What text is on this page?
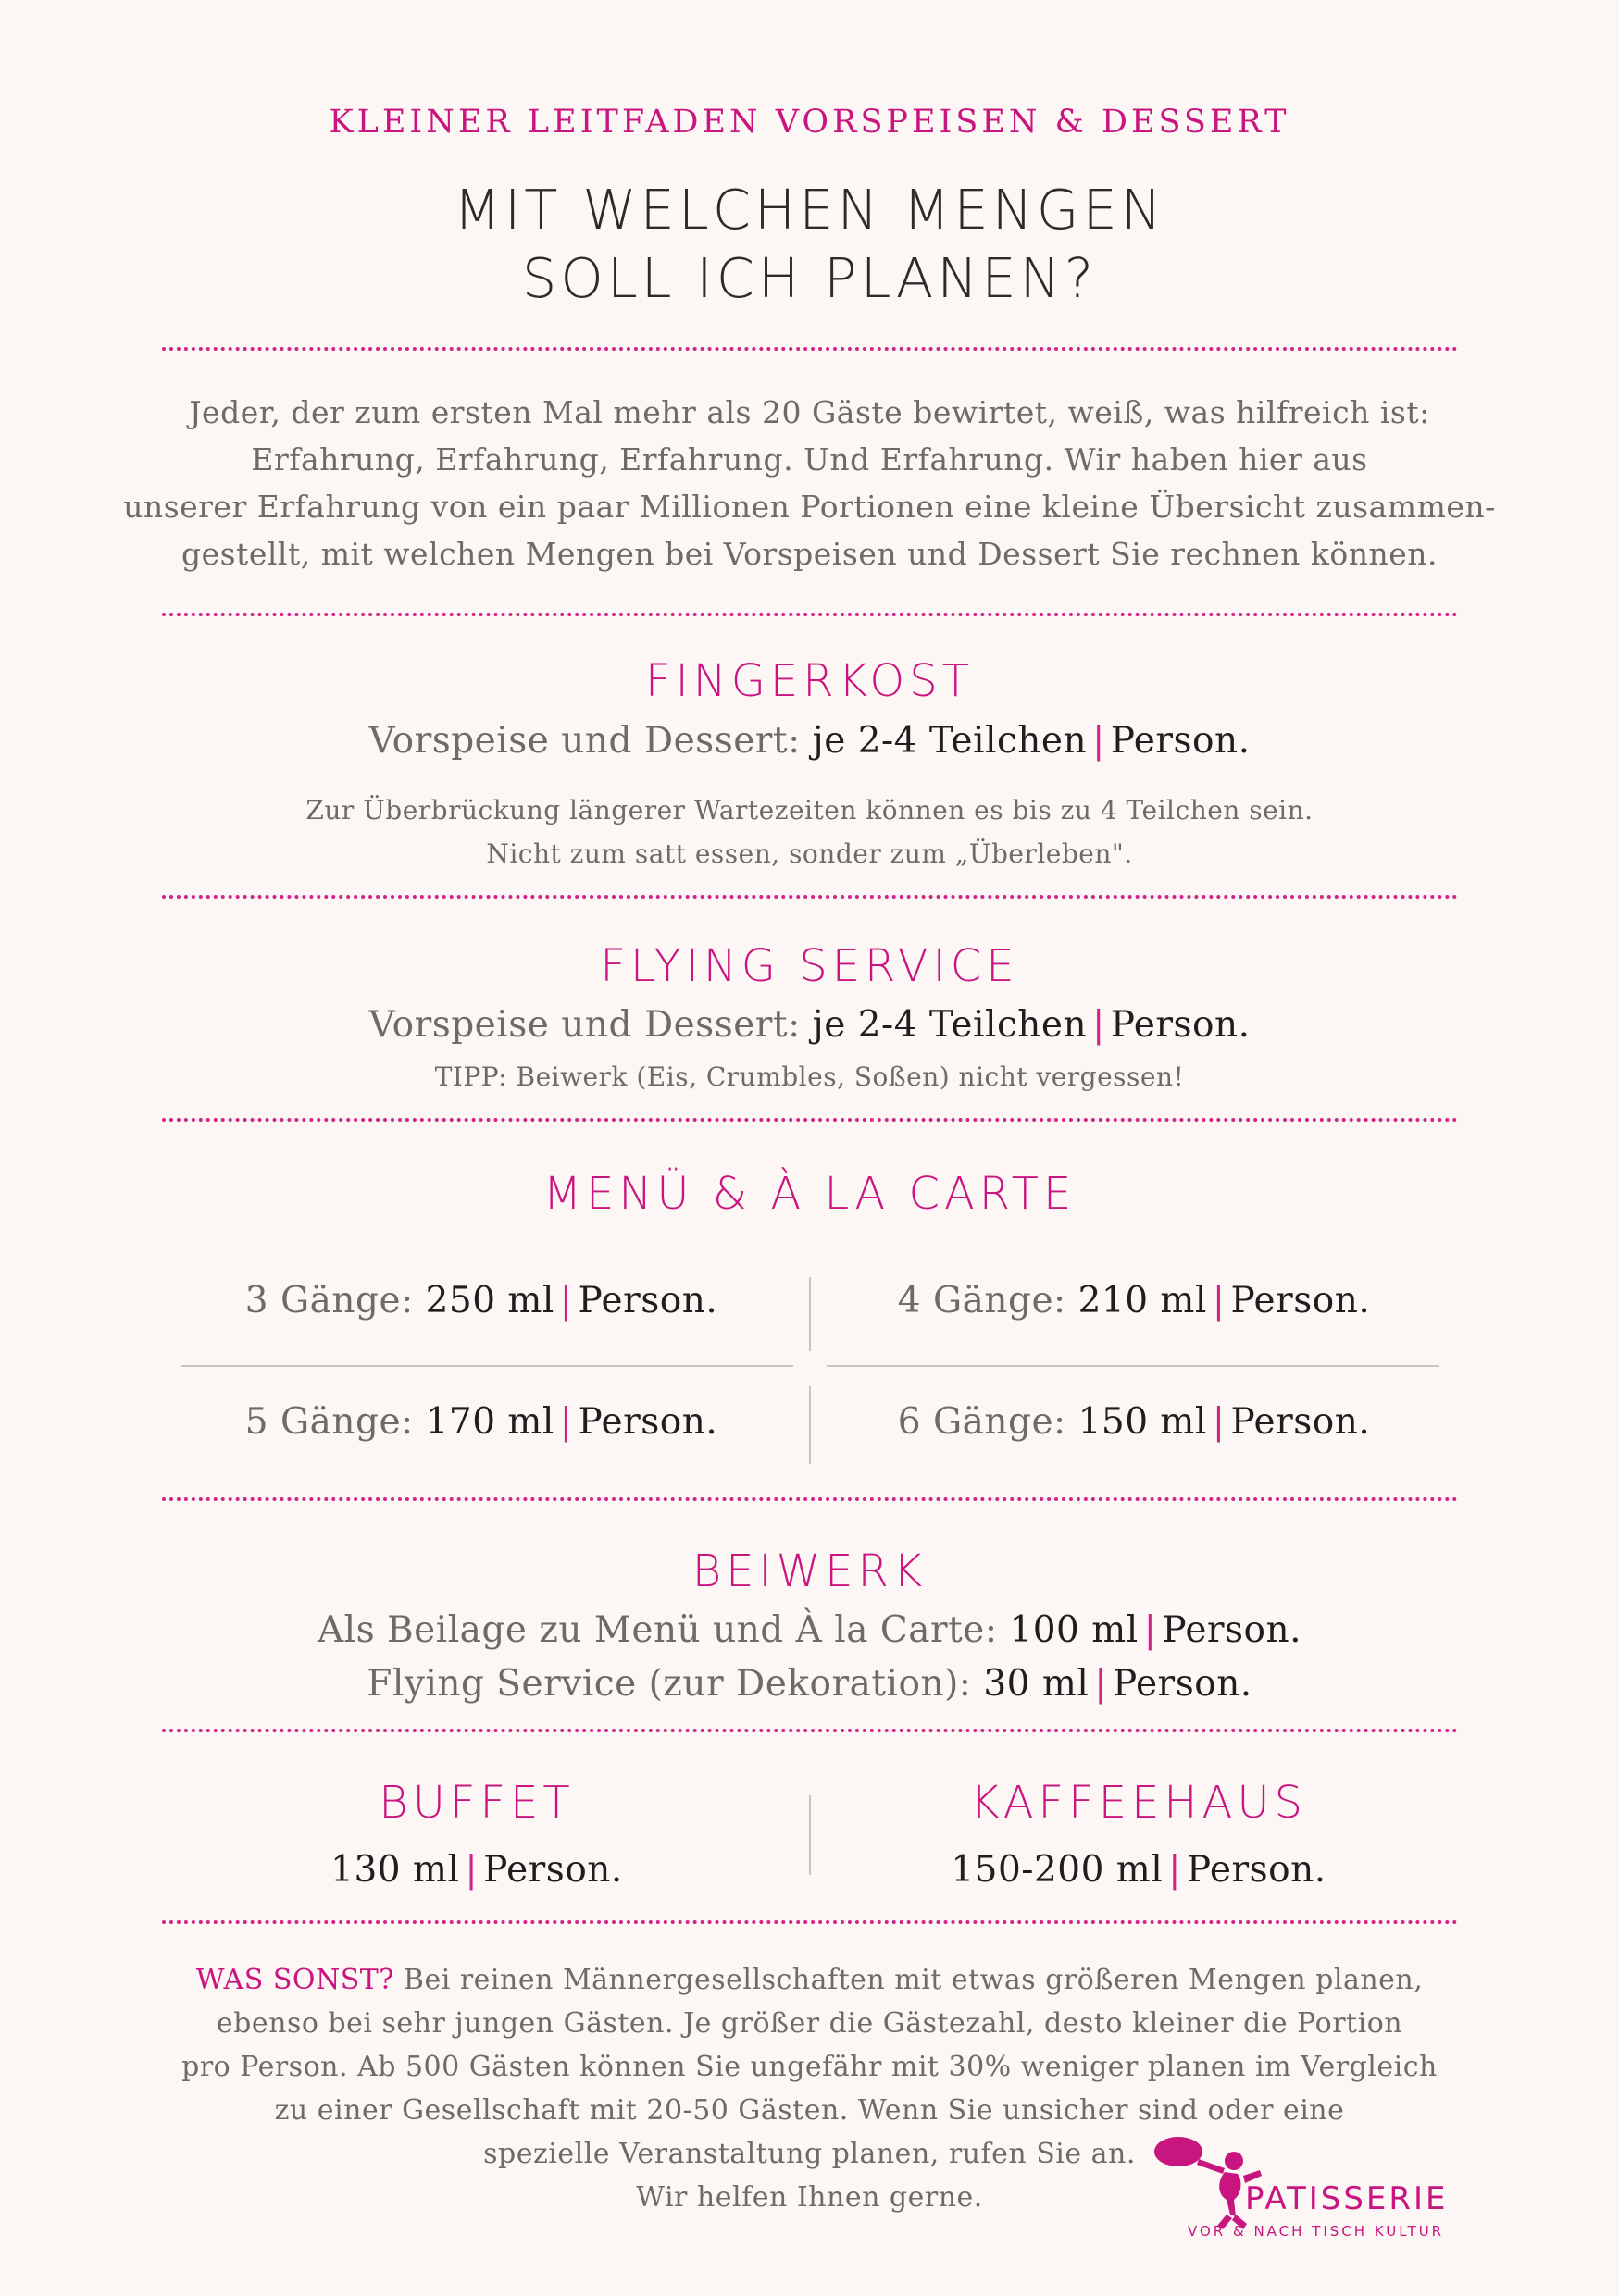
KLEINER LEITFADEN VORSPEISEN & DESSERT
MIT WELCHEN MENGEN
SOLL ICH PLANEN?
Jeder, der zum ersten Mal mehr als 20 Gäste bewirtet, weiß, was hilfreich ist:
Erfahrung, Erfahrung, Erfahrung. Und Erfahrung. Wir haben hier aus
unserer Erfahrung von ein paar Millionen Portionen eine kleine Übersicht zusammen-
gestellt, mit welchen Mengen bei Vorspeisen und Dessert Sie rechnen können.
FINGERKOST
Vorspeise und Dessert: je 2-4 Teilchen | Person.
Zur Überbrückung längerer Wartezeiten können es bis zu 4 Teilchen sein.
Nicht zum satt essen, sonder zum „Überleben".
FLYING SERVICE
Vorspeise und Dessert: je 2-4 Teilchen | Person.
TIPP: Beiwerk (Eis, Crumbles, Soßen) nicht vergessen!
MENÜ & À LA CARTE
3 Gänge: 250 ml | Person.	4 Gänge: 210 ml | Person.
5 Gänge: 170 ml | Person.	6 Gänge: 150 ml | Person.
BEIWERK
Als Beilage zu Menü und À la Carte: 100 ml | Person.
Flying Service (zur Dekoration): 30 ml | Person.
BUFFET	KAFFEEHAUS
130 ml | Person.	150-200 ml | Person.
WAS SONST? Bei reinen Männergesellschaften mit etwas größeren Mengen planen,
ebenso bei sehr jungen Gästen. Je größer die Gästezahl, desto kleiner die Portion
pro Person. Ab 500 Gästen können Sie ungefähr mit 30% weniger planen im Vergleich
zu einer Gesellschaft mit 20-50 Gästen. Wenn Sie unsicher sind oder eine
spezielle Veranstaltung planen, rufen Sie an.
Wir helfen Ihnen gerne.	PATISSERIE
VOR & NACH TISCH KULTUR
